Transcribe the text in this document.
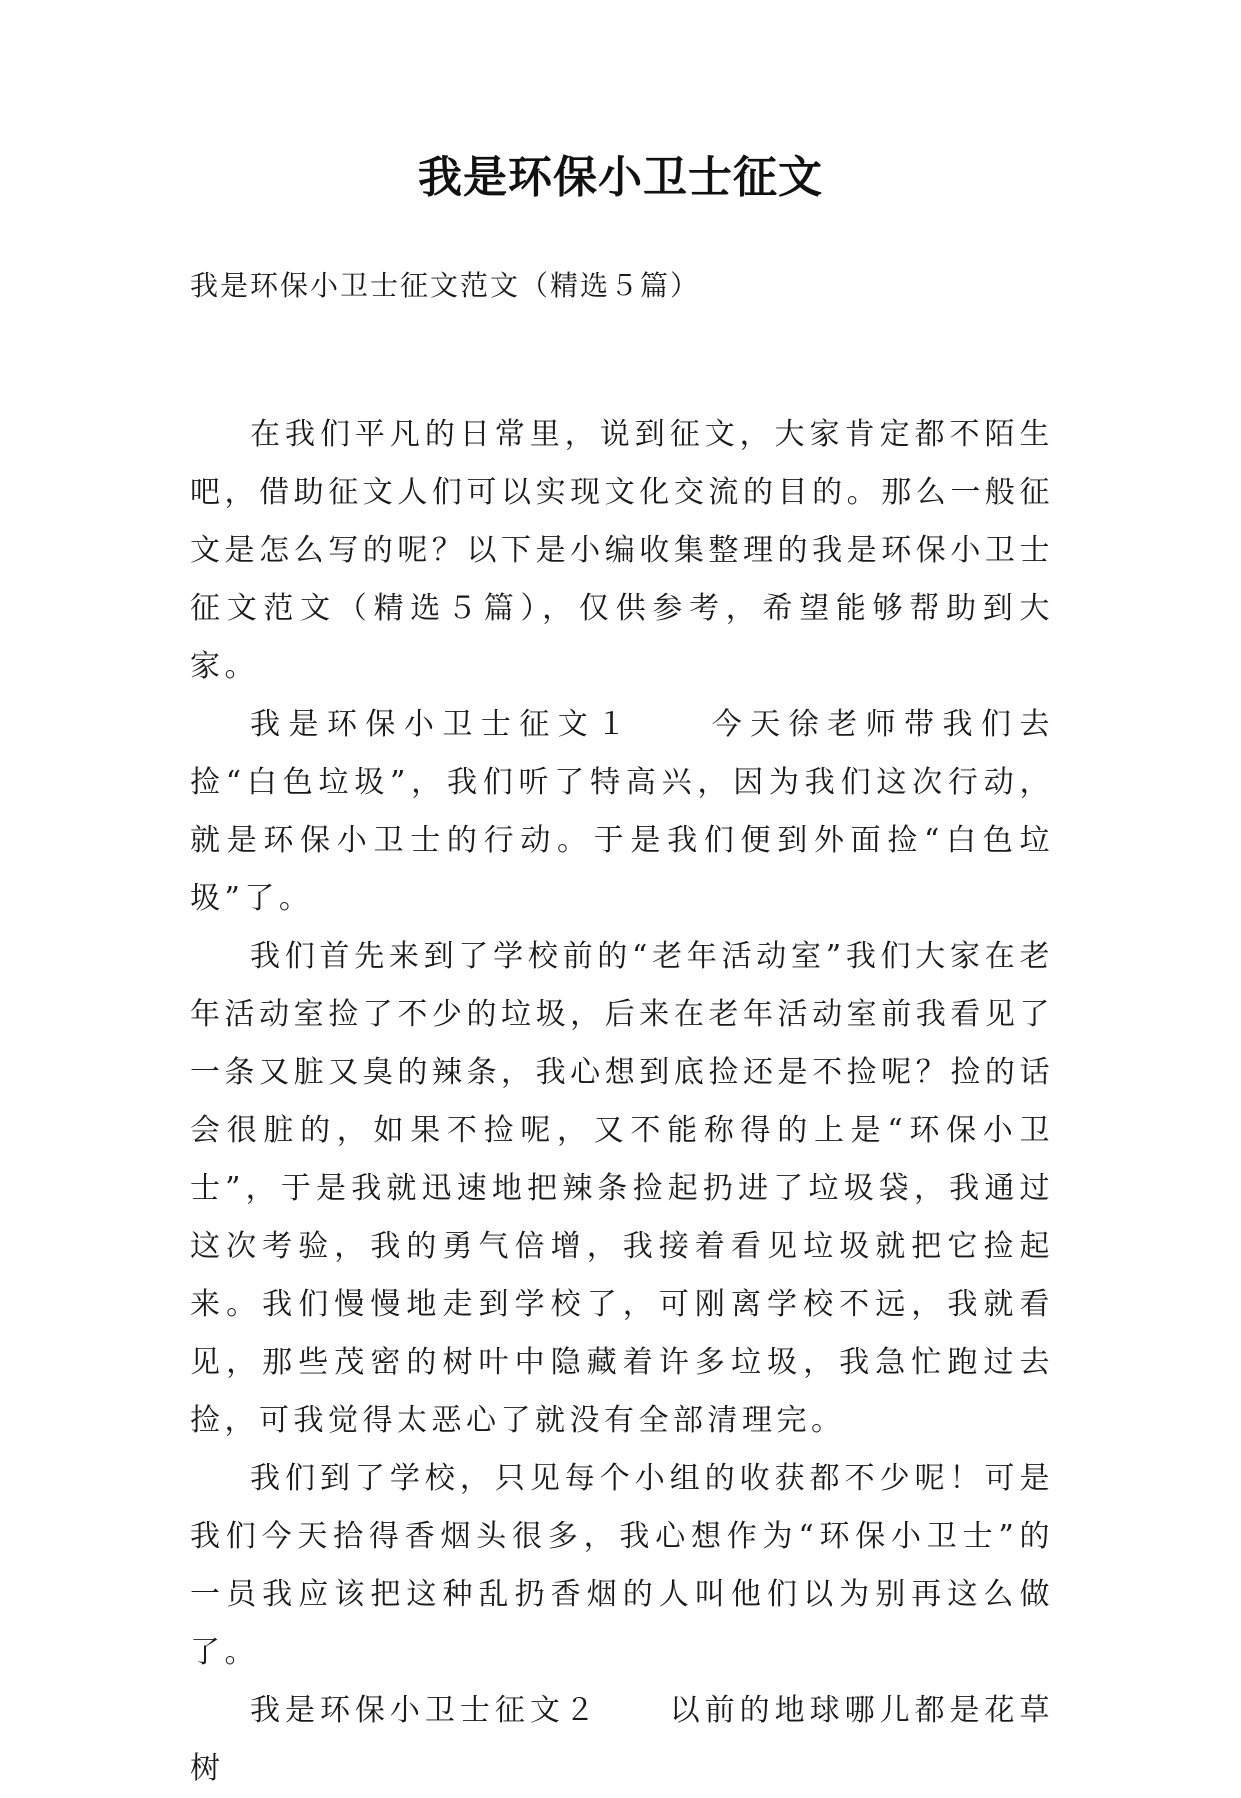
我是环保小卫士征文
我是环保小卫士征文范文（精选５篇）

在我们平凡的日常里，说到征文，大家肯定都不陌生吧，借助征文人们可以实现文化交流的目的。那么一般征文是怎么写的呢？以下是小编收集整理的我是环保小卫士征文范文（精选５篇），仅供参考，希望能够帮助到大家。

我是环保小卫士征文１　　今天徐老师带我们去捡“白色垃圾”，我们听了特高兴，因为我们这次行动，就是环保小卫士的行动。于是我们便到外面捡“白色垃圾”了。

我们首先来到了学校前的“老年活动室”我们大家在老年活动室捡了不少的垃圾，后来在老年活动室前我看见了一条又脏又臭的辣条，我心想到底捡还是不捡呢？捡的话会很脏的，如果不捡呢，又不能称得的上是“环保小卫士”，于是我就迅速地把辣条捡起扔进了垃圾袋，我通过这次考验，我的勇气倍增，我接着看见垃圾就把它捡起来。我们慢慢地走到学校了，可刚离学校不远，我就看见，那些茂密的树叶中隐藏着许多垃圾，我急忙跑过去捡，可我觉得太恶心了就没有全部清理完。

我们到了学校，只见每个小组的收获都不少呢！可是我们今天拾得香烟头很多，我心想作为“环保小卫士”的一员我应该把这种乱扔香烟的人叫他们以为别再这么做了。

我是环保小卫士征文２　　以前的地球哪儿都是花草树
